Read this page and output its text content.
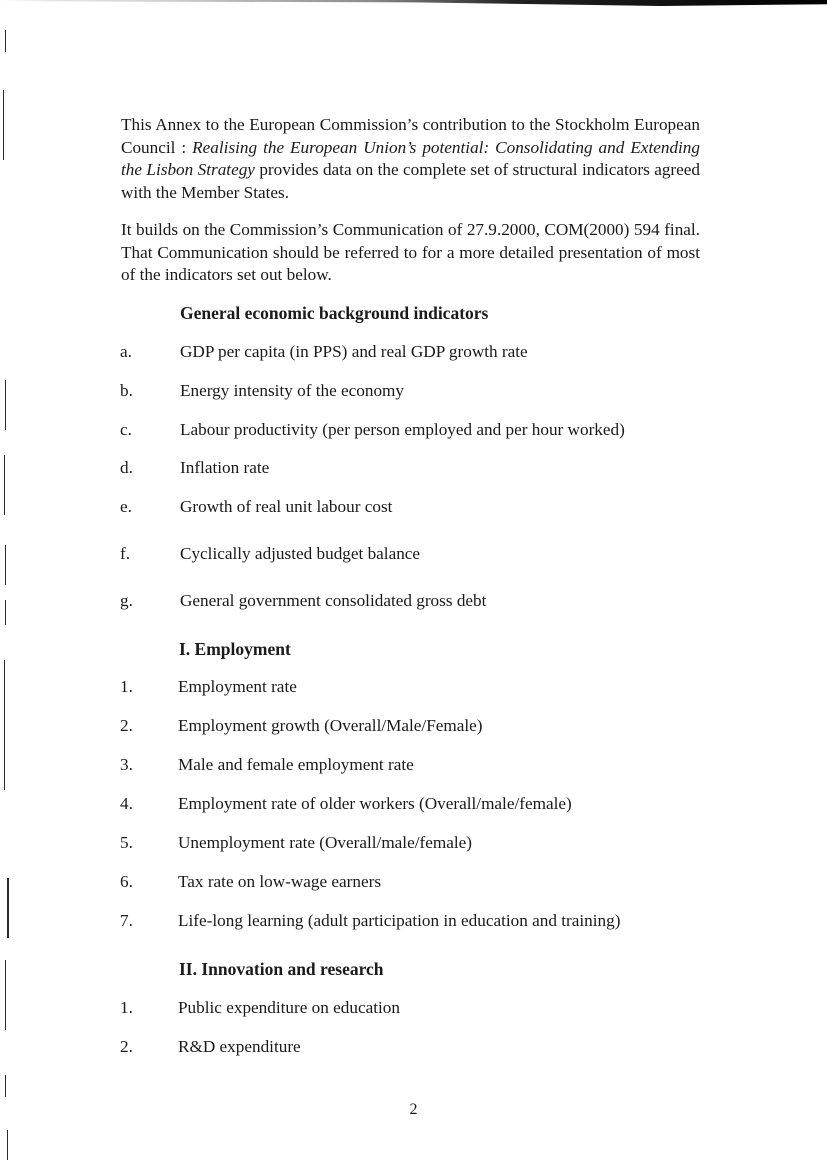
This Annex to the European Commission’s contribution to the Stockholm European Council : Realising the European Union’s potential: Consolidating and Extending the Lisbon Strategy provides data on the complete set of structural indicators agreed with the Member States.

It builds on the Commission’s Communication of 27.9.2000, COM(2000) 594 final. That Communication should be referred to for a more detailed presentation of most of the indicators set out below.

General economic background indicators
a.	GDP per capita (in PPS) and real GDP growth rate
b.	Energy intensity of the economy
c.	Labour productivity (per person employed and per hour worked)
d.	Inflation rate
e.	Growth of real unit labour cost
f.	Cyclically adjusted budget balance
g.	General government consolidated gross debt
I. Employment
1.	Employment rate
2.	Employment growth (Overall/Male/Female)
3.	Male and female employment rate
4.	Employment rate of older workers (Overall/male/female)
5.	Unemployment rate (Overall/male/female)
6.	Tax rate on low-wage earners
7.	Life-long learning (adult participation in education and training)
II. Innovation and research
1.	Public expenditure on education
2.	R&D expenditure
2
